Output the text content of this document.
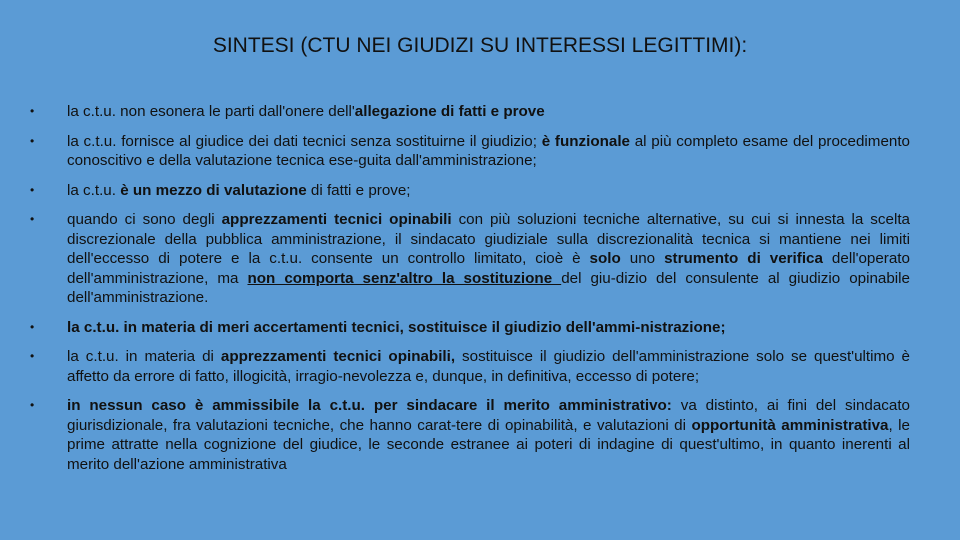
SINTESI (CTU NEI GIUDIZI SU INTERESSI LEGITTIMI):
•	la c.t.u. non esonera le parti dall'onere dell'allegazione di fatti e prove
•	la c.t.u. fornisce al giudice dei dati tecnici senza sostituirne il giudizio; è funzionale al più completo esame del procedimento conoscitivo e della valutazione tecnica ese-guita dall'amministrazione;
•	la c.t.u. è un mezzo di valutazione di fatti e prove;
•	quando ci sono degli apprezzamenti tecnici opinabili con più soluzioni tecniche alternative, su cui si innesta la scelta discrezionale della pubblica amministrazione, il sindacato giudiziale sulla discrezionalità tecnica si mantiene nei limiti dell'eccesso di potere e la c.t.u. consente un controllo limitato, cioè è solo uno strumento di verifica dell'operato dell'amministrazione, ma non comporta senz'altro la sostituzione del giu-dizio del consulente al giudizio opinabile dell'amministrazione.
•	la c.t.u. in materia di meri accertamenti tecnici, sostituisce il giudizio dell'ammi-nistrazione;
•	la c.t.u. in materia di apprezzamenti tecnici opinabili, sostituisce il giudizio dell'amministrazione solo se quest'ultimo è affetto da errore di fatto, illogicità, irragio-nevolezza e, dunque, in definitiva, eccesso di potere;
•	in nessun caso è ammissibile la c.t.u. per sindacare il merito amministrativo: va distinto, ai fini del sindacato giurisdizionale, fra valutazioni tecniche, che hanno carat-tere di opinabilità, e valutazioni di opportunità amministrativa, le prime attratte nella cognizione del giudice, le seconde estranee ai poteri di indagine di quest'ultimo, in quanto inerenti al merito dell'azione amministrativa
